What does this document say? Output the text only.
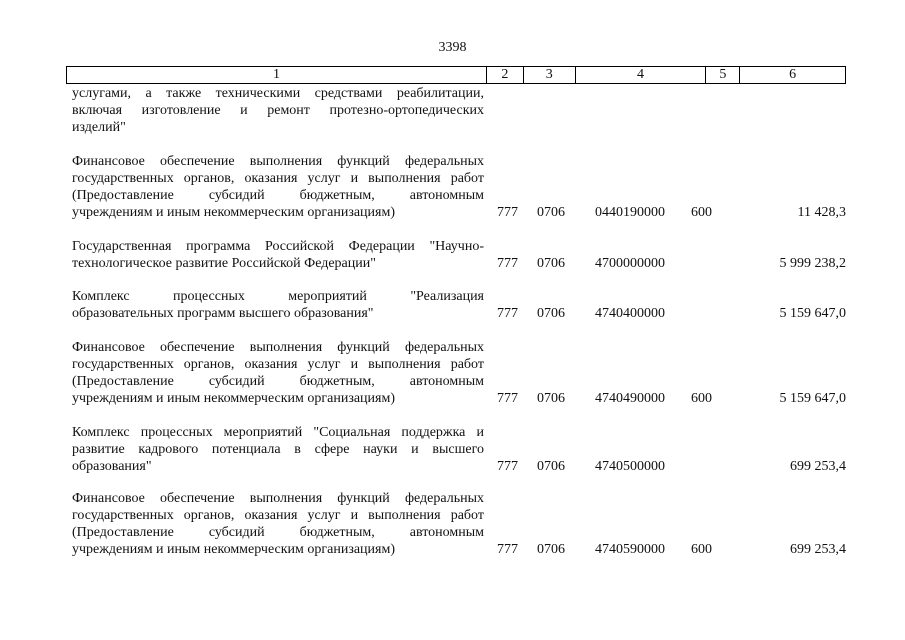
3398
1	2	3	4	5	6
услугами, а также техническими средствами реабилитации,
включая изготовление и ремонт протезно-ортопедических
изделий"
Финансовое обеспечение выполнения функций федеральных
государственных органов, оказания услуг и выполнения работ
(Предоставление субсидий бюджетным, автономным
учреждениям и иным некоммерческим организациям)	777 0706 0440190000 600	11 428,3
Государственная программа Российской Федерации "Научно-
технологическое развитие Российской Федерации"	777 0706 4700000000	5 999 238,2
Комплекс процессных мероприятий "Реализация
образовательных программ высшего образования"	777 0706 4740400000	5 159 647,0
Финансовое обеспечение выполнения функций федеральных
государственных органов, оказания услуг и выполнения работ
(Предоставление субсидий бюджетным, автономным
учреждениям и иным некоммерческим организациям)	777 0706 4740490000 600	5 159 647,0
Комплекс процессных мероприятий "Социальная поддержка и
развитие кадрового потенциала в сфере науки и высшего
образования"	777 0706 4740500000	699 253,4
Финансовое обеспечение выполнения функций федеральных
государственных органов, оказания услуг и выполнения работ
(Предоставление субсидий бюджетным, автономным
учреждениям и иным некоммерческим организациям)	777 0706 4740590000 600	699 253,4
